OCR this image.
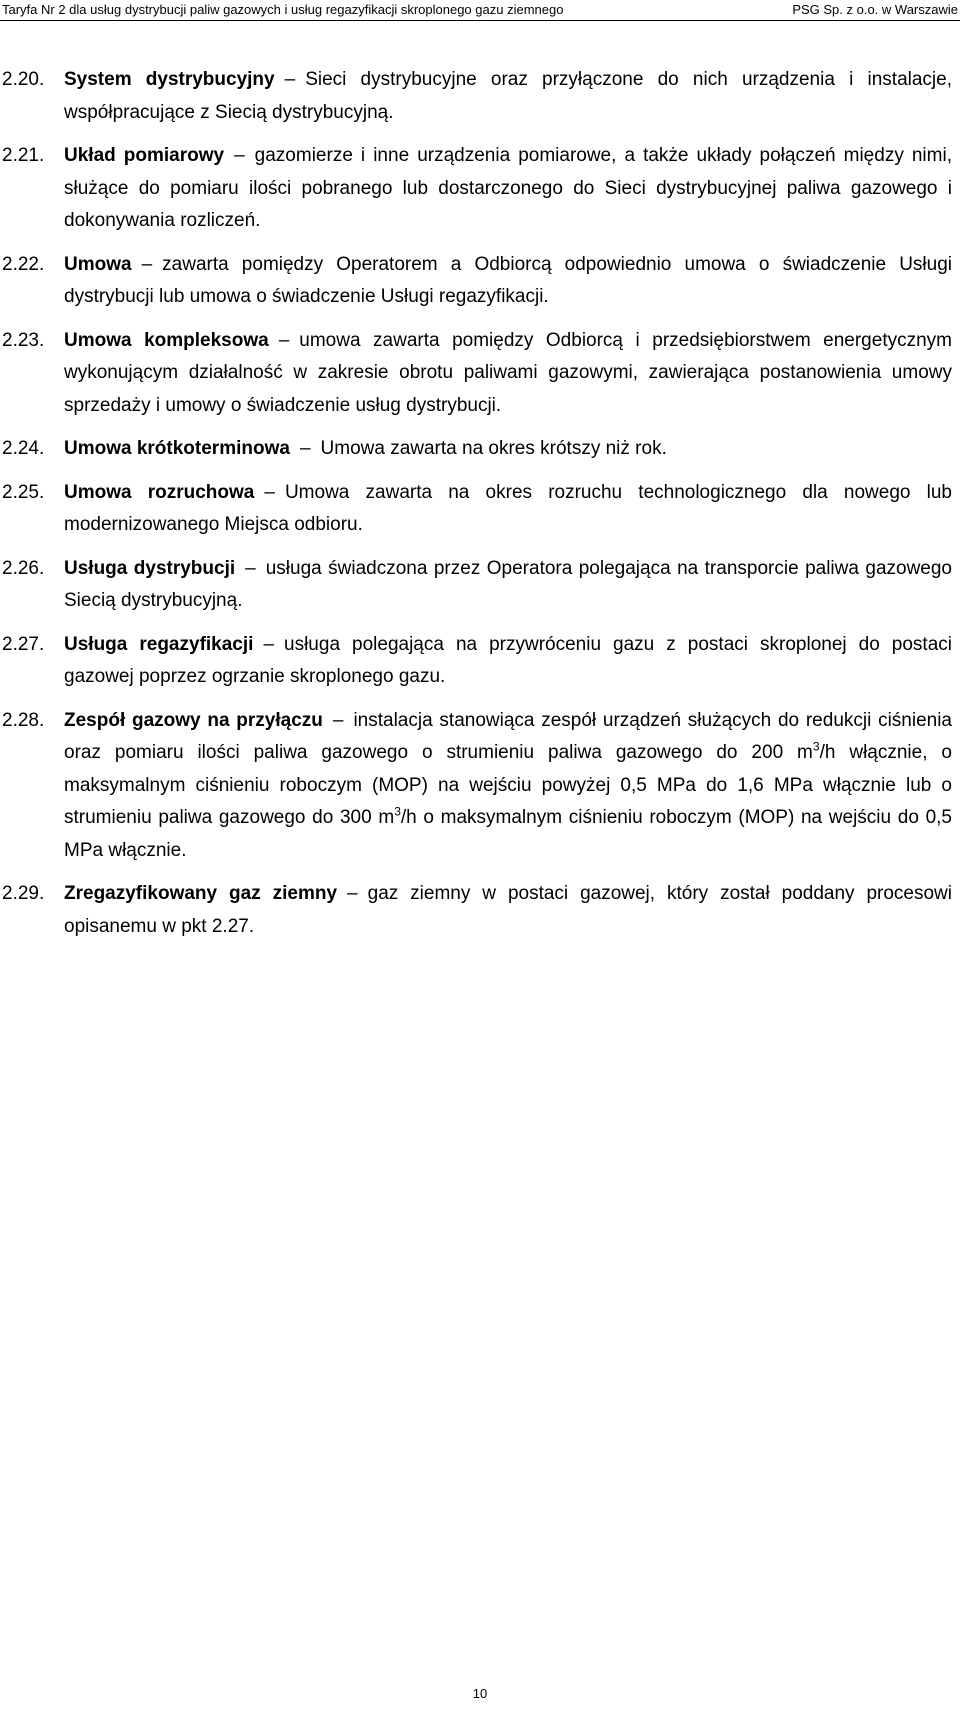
Taryfa Nr 2 dla usług dystrybucji paliw gazowych i usług regazyfikacji skroplonego gazu ziemnego	PSG Sp. z o.o. w Warszawie
2.20. System dystrybucyjny – Sieci dystrybucyjne oraz przyłączone do nich urządzenia i instalacje, współpracujące z Siecią dystrybucyjną.
2.21. Układ pomiarowy – gazomierze i inne urządzenia pomiarowe, a także układy połączeń między nimi, służące do pomiaru ilości pobranego lub dostarczonego do Sieci dystrybucyjnej paliwa gazowego i dokonywania rozliczeń.
2.22. Umowa – zawarta pomiędzy Operatorem a Odbiorcą odpowiednio umowa o świadczenie Usługi dystrybucji lub umowa o świadczenie Usługi regazyfikacji.
2.23. Umowa kompleksowa – umowa zawarta pomiędzy Odbiorcą i przedsiębiorstwem energetycznym wykonującym działalność w zakresie obrotu paliwami gazowymi, zawierająca postanowienia umowy sprzedaży i umowy o świadczenie usług dystrybucji.
2.24. Umowa krótkoterminowa – Umowa zawarta na okres krótszy niż rok.
2.25. Umowa rozruchowa – Umowa zawarta na okres rozruchu technologicznego dla nowego lub modernizowanego Miejsca odbioru.
2.26. Usługa dystrybucji – usługa świadczona przez Operatora polegająca na transporcie paliwa gazowego Siecią dystrybucyjną.
2.27. Usługa regazyfikacji – usługa polegająca na przywróceniu gazu z postaci skroplonej do postaci gazowej poprzez ogrzanie skroplonego gazu.
2.28. Zespół gazowy na przyłączu – instalacja stanowiąca zespół urządzeń służących do redukcji ciśnienia oraz pomiaru ilości paliwa gazowego o strumieniu paliwa gazowego do 200 $m^3/h$ włącznie, o maksymalnym ciśnieniu roboczym (MOP) na wejściu powyżej 0,5 MPa do 1,6 MPa włącznie lub o strumieniu paliwa gazowego do 300 $m^3/h$ o maksymalnym ciśnieniu roboczym (MOP) na wejściu do 0,5 MPa włącznie.
2.29. Zregazyfikowany gaz ziemny – gaz ziemny w postaci gazowej, który został poddany procesowi opisanemu w pkt 2.27.
10
